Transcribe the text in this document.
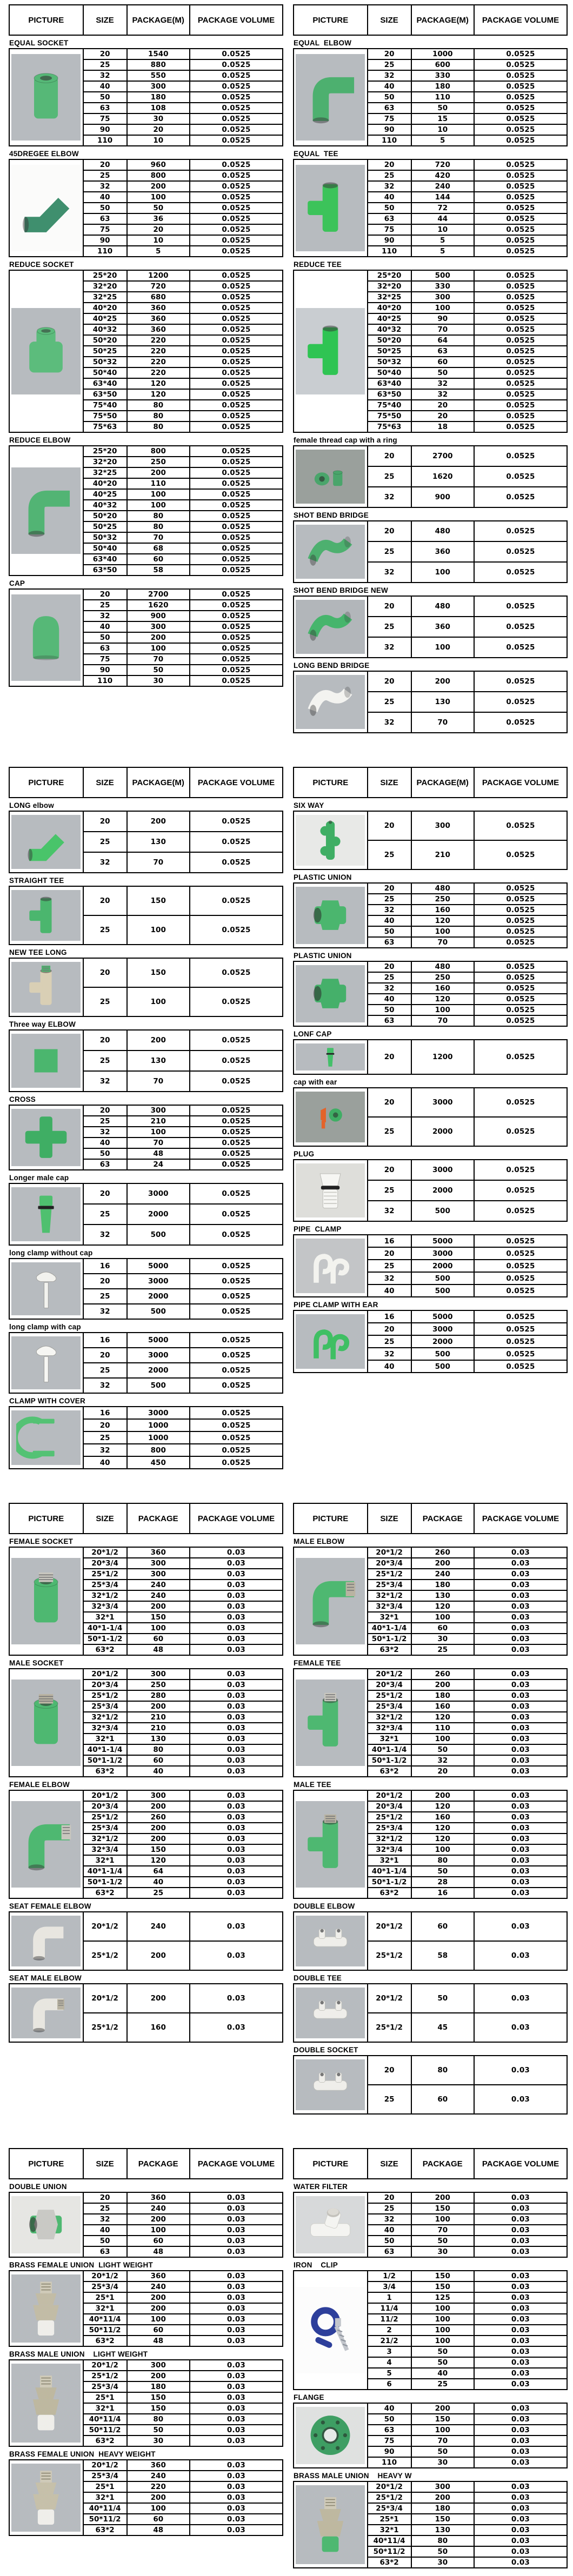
PICTURE	SIZE	PACKAGE(M)	PACKAGE VOLUME
EQUAL SOCKET
	20	1540	0.0525
	25	880	0.0525
	32	550	0.0525
	40	300	0.0525
	50	180	0.0525
	63	108	0.0525
	75	30	0.0525
	90	20	0.0525
	110	10	0.0525
45DREGEE ELBOW
	20	960	0.0525
	25	800	0.0525
	32	200	0.0525
	40	100	0.0525
	50	50	0.0525
	63	36	0.0525
	75	20	0.0525
	90	10	0.0525
	110	5	0.0525
REDUCE SOCKET
	25*20	1200	0.0525
	32*20	720	0.0525
	32*25	680	0.0525
	40*20	360	0.0525
	40*25	360	0.0525
	40*32	360	0.0525
	50*20	220	0.0525
	50*25	220	0.0525
	50*32	220	0.0525
	50*40	220	0.0525
	63*40	120	0.0525
	63*50	120	0.0525
	75*40	80	0.0525
	75*50	80	0.0525
	75*63	80	0.0525
REDUCE ELBOW
	25*20	800	0.0525
	32*20	250	0.0525
	32*25	200	0.0525
	40*20	110	0.0525
	40*25	100	0.0525
	40*32	100	0.0525
	50*20	80	0.0525
	50*25	80	0.0525
	50*32	70	0.0525
	50*40	68	0.0525
	63*40	60	0.0525
	63*50	58	0.0525
CAP
	20	2700	0.0525
	25	1620	0.0525
	32	900	0.0525
	40	300	0.0525
	50	200	0.0525
	63	100	0.0525
	75	70	0.0525
	90	50	0.0525
	110	30	0.0525
PICTURE	SIZE	PACKAGE(M)	PACKAGE VOLUME
EQUAL  ELBOW
	20	1000	0.0525
	25	600	0.0525
	32	330	0.0525
	40	180	0.0525
	50	110	0.0525
	63	50	0.0525
	75	15	0.0525
	90	10	0.0525
	110	5	0.0525
EQUAL  TEE
	20	720	0.0525
	25	420	0.0525
	32	240	0.0525
	40	144	0.0525
	50	72	0.0525
	63	44	0.0525
	75	10	0.0525
	90	5	0.0525
	110	5	0.0525
REDUCE TEE
	25*20	500	0.0525
	32*20	330	0.0525
	32*25	300	0.0525
	40*20	100	0.0525
	40*25	90	0.0525
	40*32	70	0.0525
	50*20	64	0.0525
	50*25	63	0.0525
	50*32	60	0.0525
	50*40	50	0.0525
	63*40	32	0.0525
	63*50	32	0.0525
	75*40	20	0.0525
	75*50	20	0.0525
	75*63	18	0.0525
female thread cap with a ring
	20	2700	0.0525
	25	1620	0.0525
	32	900	0.0525
SHOT BEND BRIDGE
	20	480	0.0525
	25	360	0.0525
	32	100	0.0525
SHOT BEND BRIDGE NEW
	20	480	0.0525
	25	360	0.0525
	32	100	0.0525
LONG BEND BRIDGE
	20	200	0.0525
	25	130	0.0525
	32	70	0.0525
PICTURE	SIZE	PACKAGE(M)	PACKAGE VOLUME
LONG elbow
	20	200	0.0525
	25	130	0.0525
	32	70	0.0525
STRAIGHT TEE
	20	150	0.0525
	25	100	0.0525
NEW TEE LONG
	20	150	0.0525
	25	100	0.0525
Three way ELBOW
	20	200	0.0525
	25	130	0.0525
	32	70	0.0525
CROSS
	20	300	0.0525
	25	210	0.0525
	32	100	0.0525
	40	70	0.0525
	50	48	0.0525
	63	24	0.0525
Longer male cap
	20	3000	0.0525
	25	2000	0.0525
	32	500	0.0525
long clamp without cap
	16	5000	0.0525
	20	3000	0.0525
	25	2000	0.0525
	32	500	0.0525
long clamp with cap
	16	5000	0.0525
	20	3000	0.0525
	25	2000	0.0525
	32	500	0.0525
CLAMP WITH COVER
	16	3000	0.0525
	20	1000	0.0525
	25	1000	0.0525
	32	800	0.0525
	40	450	0.0525
PICTURE	SIZE	PACKAGE(M)	PACKAGE VOLUME
SIX WAY
	20	300	0.0525
	25	210	0.0525
PLASTIC UNION
	20	480	0.0525
	25	250	0.0525
	32	160	0.0525
	40	120	0.0525
	50	100	0.0525
	63	70	0.0525
PLASTIC UNION
	20	480	0.0525
	25	250	0.0525
	32	160	0.0525
	40	120	0.0525
	50	100	0.0525
	63	70	0.0525
LONF CAP
	20	1200	0.0525
cap with ear
	20	3000	0.0525
	25	2000	0.0525
PLUG
	20	3000	0.0525
	25	2000	0.0525
	32	500	0.0525
PIPE  CLAMP
	16	5000	0.0525
	20	3000	0.0525
	25	2000	0.0525
	32	500	0.0525
	40	500	0.0525
PIPE CLAMP WITH EAR
	16	5000	0.0525
	20	3000	0.0525
	25	2000	0.0525
	32	500	0.0525
	40	500	0.0525
PICTURE	SIZE	PACKAGE	PACKAGE VOLUME
FEMALE SOCKET
	20*1/2	360	0.03
	20*3/4	300	0.03
	25*1/2	300	0.03
	25*3/4	240	0.03
	32*1/2	240	0.03
	32*3/4	200	0.03
	32*1	150	0.03
	40*1-1/4	100	0.03
	50*1-1/2	60	0.03
	63*2	48	0.03
MALE SOCKET
	20*1/2	300	0.03
	20*3/4	250	0.03
	25*1/2	280	0.03
	25*3/4	200	0.03
	32*1/2	210	0.03
	32*3/4	210	0.03
	32*1	130	0.03
	40*1-1/4	80	0.03
	50*1-1/2	60	0.03
	63*2	40	0.03
FEMALE ELBOW
	20*1/2	300	0.03
	20*3/4	200	0.03
	25*1/2	260	0.03
	25*3/4	200	0.03
	32*1/2	200	0.03
	32*3/4	150	0.03
	32*1	120	0.03
	40*1-1/4	64	0.03
	50*1-1/2	40	0.03
	63*2	25	0.03
SEAT FEMALE ELBOW
	20*1/2	240	0.03
	25*1/2	200	0.03
SEAT MALE ELBOW
	20*1/2	200	0.03
	25*1/2	160	0.03
PICTURE	SIZE	PACKAGE	PACKAGE VOLUME
MALE ELBOW
	20*1/2	260	0.03
	20*3/4	200	0.03
	25*1/2	240	0.03
	25*3/4	180	0.03
	32*1/2	130	0.03
	32*3/4	120	0.03
	32*1	100	0.03
	40*1-1/4	60	0.03
	50*1-1/2	30	0.03
	63*2	25	0.03
FEMALE TEE
	20*1/2	260	0.03
	20*3/4	200	0.03
	25*1/2	180	0.03
	25*3/4	160	0.03
	32*1/2	120	0.03
	32*3/4	110	0.03
	32*1	100	0.03
	40*1-1/4	50	0.03
	50*1-1/2	32	0.03
	63*2	20	0.03
MALE TEE
	20*1/2	200	0.03
	20*3/4	120	0.03
	25*1/2	160	0.03
	25*3/4	120	0.03
	32*1/2	120	0.03
	32*3/4	100	0.03
	32*1	80	0.03
	40*1-1/4	50	0.03
	50*1-1/2	28	0.03
	63*2	16	0.03
DOUBLE ELBOW
	20*1/2	60	0.03
	25*1/2	58	0.03
DOUBLE TEE
	20*1/2	50	0.03
	25*1/2	45	0.03
DOUBLE SOCKET
	20	80	0.03
	25	60	0.03
PICTURE	SIZE	PACKAGE	PACKAGE VOLUME
DOUBLE UNION
	20	360	0.03
	25	240	0.03
	32	200	0.03
	40	100	0.03
	50	60	0.03
	63	48	0.03
BRASS FEMALE UNION  LIGHT WEIGHT
	20*1/2	360	0.03
	25*3/4	240	0.03
	25*1	200	0.03
	32*1	200	0.03
	40*11/4	100	0.03
	50*11/2	60	0.03
	63*2	48	0.03
BRASS MALE UNION    LIGHT WEIGHT
	20*1/2	300	0.03
	25*1/2	200	0.03
	25*3/4	180	0.03
	25*1	150	0.03
	32*1	150	0.03
	40*11/4	80	0.03
	50*11/2	50	0.03
	63*2	30	0.03
BRASS FEMALE UNION  HEAVY WEIGHT
	20*1/2	360	0.03
	25*3/4	240	0.03
	25*1	220	0.03
	32*1	200	0.03
	40*11/4	100	0.03
	50*11/2	60	0.03
	63*2	48	0.03
PICTURE	SIZE	PACKAGE	PACKAGE VOLUME
WATER FILTER
	20	200	0.03
	25	150	0.03
	32	100	0.03
	40	70	0.03
	50	50	0.03
	63	30	0.03
IRON    CLIP
	1/2	150	0.03
	3/4	150	0.03
	1	125	0.03
	11/4	100	0.03
	11/2	100	0.03
	2	100	0.03
	21/2	100	0.03
	3	50	0.03
	4	50	0.03
	5	40	0.03
	6	25	0.03
FLANGE
	40	200	0.03
	50	150	0.03
	63	100	0.03
	75	70	0.03
	90	50	0.03
	110	30	0.03
BRASS MALE UNION    HEAVY W
	20*1/2	300	0.03
	25*1/2	200	0.03
	25*3/4	180	0.03
	25*1	150	0.03
	32*1	130	0.03
	40*11/4	80	0.03
	50*11/2	50	0.03
	63*2	30	0.03
